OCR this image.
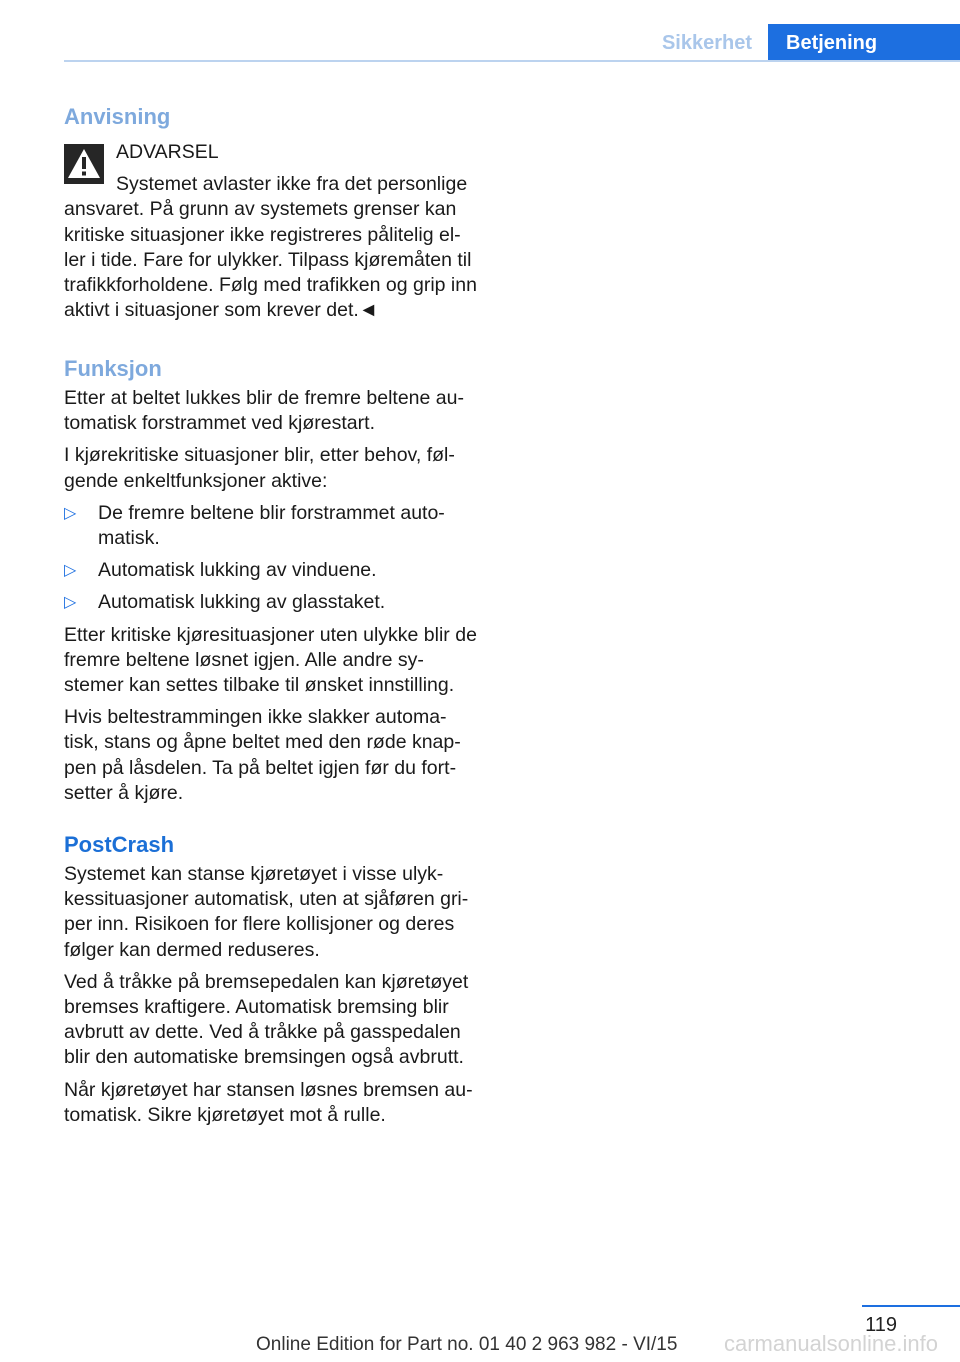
Sikkerhet	Betjening
Anvisning

ADVARSEL

Systemet avlaster ikke fra det personlige
ansvaret. På grunn av systemets grenser kan kritiske situasjoner ikke registreres pålitelig el‐ ler i tide. Fare for ulykker. Tilpass kjøremåten til trafikkforholdene. Følg med trafikken og grip inn aktivt i situasjoner som krever det.◄

Funksjon

Etter at beltet lukkes blir de fremre beltene au‐ tomatisk forstrammet ved kjørestart.

I kjørekritiske situasjoner blir, etter behov, føl‐ gende enkeltfunksjoner aktive:

▷ De fremre beltene blir forstrammet auto‐ matisk.
▷ Automatisk lukking av vinduene.
▷ Automatisk lukking av glasstaket.

Etter kritiske kjøresituasjoner uten ulykke blir de fremre beltene løsnet igjen. Alle andre sy‐ stemer kan settes tilbake til ønsket innstilling.

Hvis beltestrammingen ikke slakker automa‐ tisk, stans og åpne beltet med den røde knap‐ pen på låsdelen. Ta på beltet igjen før du fort‐ setter å kjøre.

PostCrash

Systemet kan stanse kjøretøyet i visse ulyk‐ kessituasjoner automatisk, uten at sjåføren gri‐ per inn. Risikoen for flere kollisjoner og deres følger kan dermed reduseres.

Ved å tråkke på bremsepedalen kan kjøretøyet bremses kraftigere. Automatisk bremsing blir avbrutt av dette. Ved å tråkke på gasspedalen blir den automatiske bremsingen også avbrutt.

Når kjøretøyet har stansen løsnes bremsen au‐ tomatisk. Sikre kjøretøyet mot å rulle.

119
Online Edition for Part no. 01 40 2 963 982 - VI/15 carmanualsonline.info
